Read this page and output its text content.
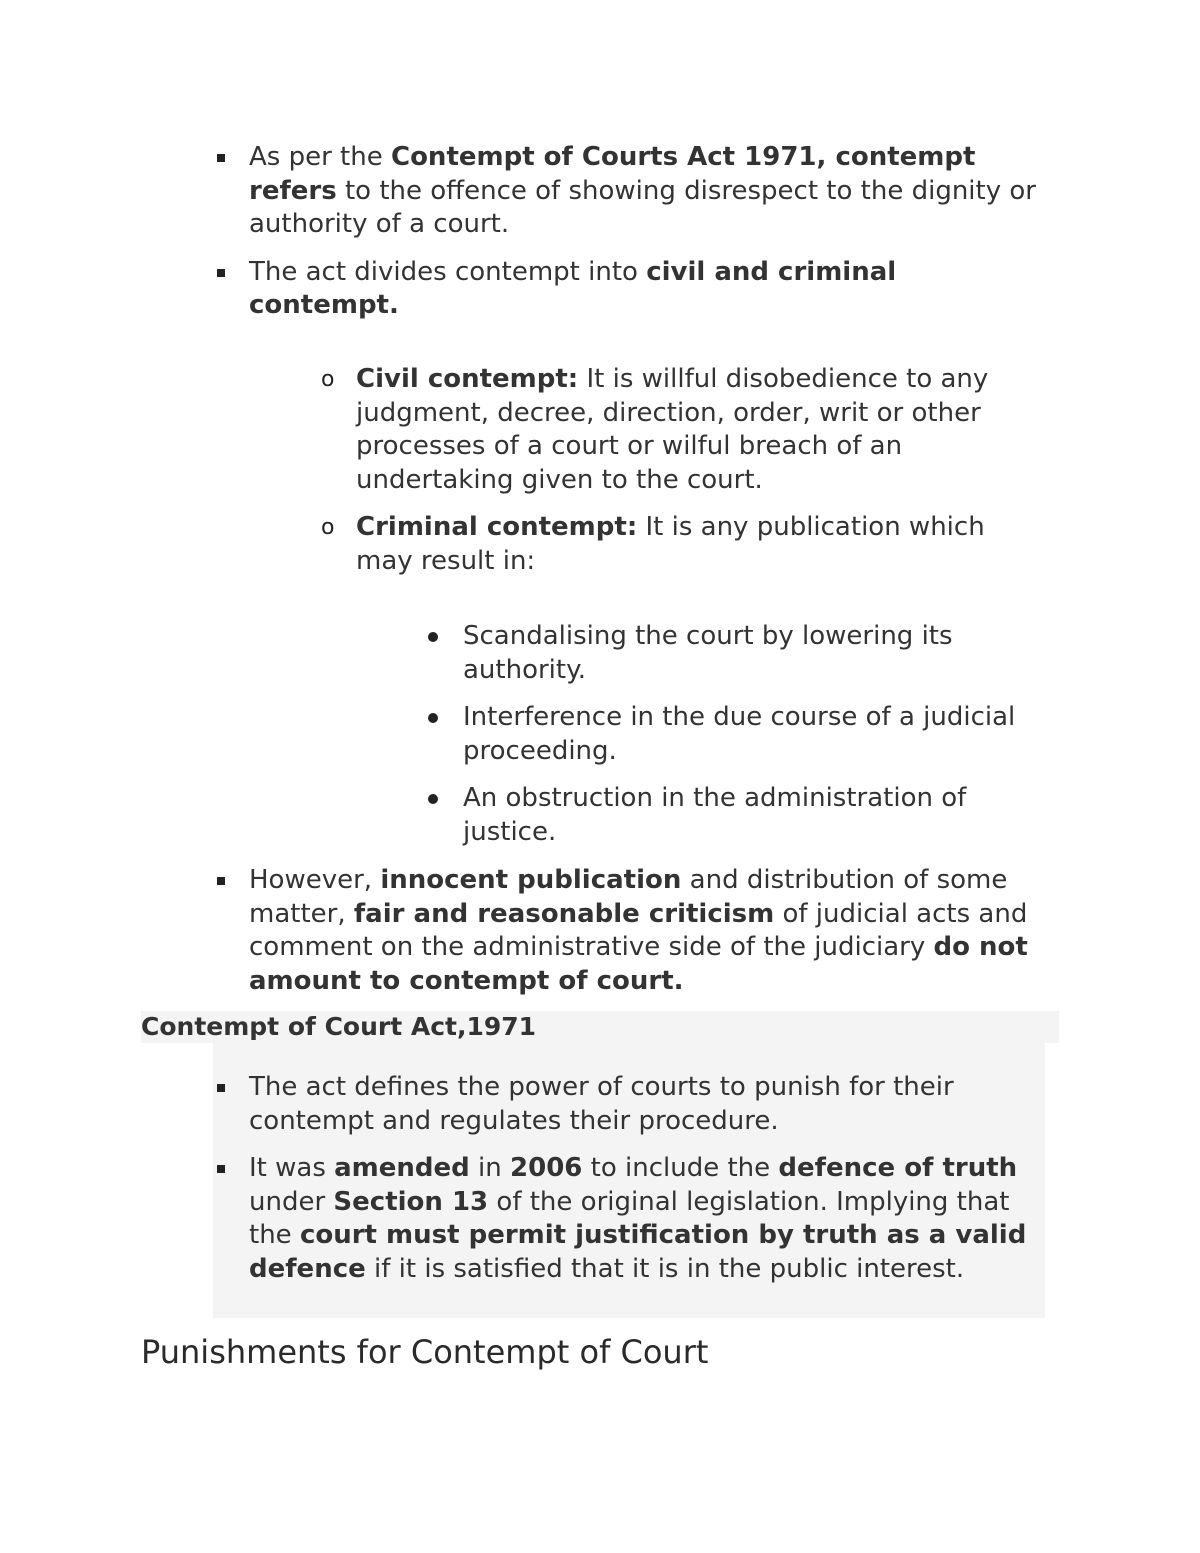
As per the Contempt of Courts Act 1971, contempt refers to the offence of showing disrespect to the dignity or authority of a court.

The act divides contempt into civil and criminal contempt.

o Civil contempt: It is willful disobedience to any judgment, decree, direction, order, writ or other processes of a court or wilful breach of an undertaking given to the court.

o Criminal contempt: It is any publication which may result in:

Scandalising the court by lowering its authority.

Interference in the due course of a judicial proceeding.

An obstruction in the administration of justice.

However, innocent publication and distribution of some matter, fair and reasonable criticism of judicial acts and comment on the administrative side of the judiciary do not amount to contempt of court.

Contempt of Court Act,1971

The act defines the power of courts to punish for their contempt and regulates their procedure.

It was amended in 2006 to include the defence of truth under Section 13 of the original legislation. Implying that the court must permit justification by truth as a valid defence if it is satisfied that it is in the public interest.

Punishments for Contempt of Court
